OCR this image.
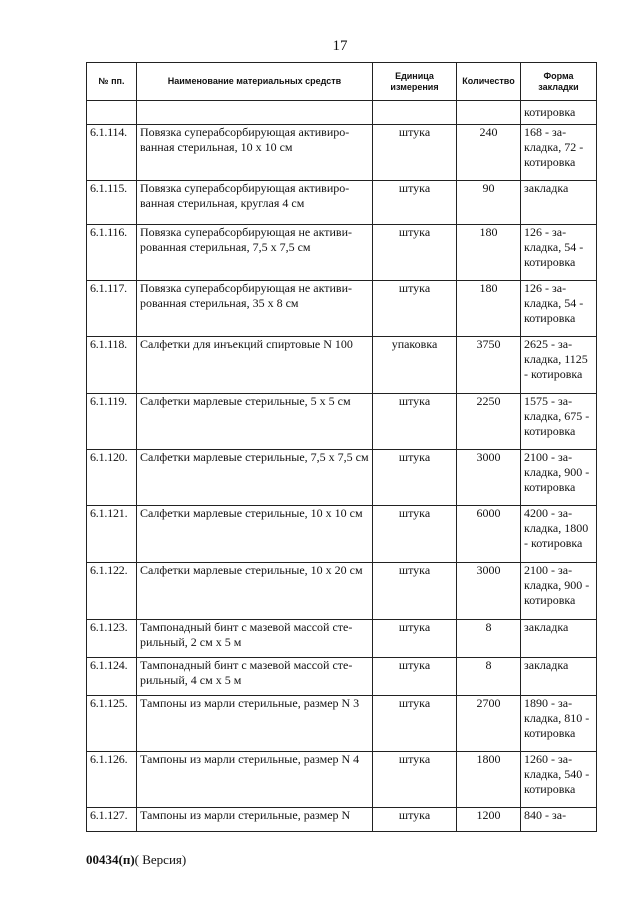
17
№ пп.	Наименование материальных средств	Единица измерения	Количество	Форма закладки
				котировка
6.1.114.	Повязка суперабсорбирующая активиро-ванная стерильная, 10 х 10 см	штука	240	168 - за-кладка, 72 - котировка
6.1.115.	Повязка суперабсорбирующая активиро-ванная стерильная, круглая 4 см	штука	90	закладка
6.1.116.	Повязка суперабсорбирующая не активи-рованная стерильная, 7,5 х 7,5 см	штука	180	126 - за-кладка, 54 - котировка
6.1.117.	Повязка суперабсорбирующая не активи-рованная стерильная, 35 х 8 см	штука	180	126 - за-кладка, 54 - котировка
6.1.118.	Салфетки для инъекций спиртовые N 100	упаковка	3750	2625 - за-кладка, 1125 - котировка
6.1.119.	Салфетки марлевые стерильные, 5 х 5 см	штука	2250	1575 - за-кладка, 675 - котировка
6.1.120.	Салфетки марлевые стерильные, 7,5 х 7,5 см	штука	3000	2100 - за-кладка, 900 - котировка
6.1.121.	Салфетки марлевые стерильные, 10 х 10 см	штука	6000	4200 - за-кладка, 1800 - котировка
6.1.122.	Салфетки марлевые стерильные, 10 х 20 см	штука	3000	2100 - за-кладка, 900 - котировка
6.1.123.	Тампонадный бинт с мазевой массой сте-рильный, 2 см х 5 м	штука	8	закладка
6.1.124.	Тампонадный бинт с мазевой массой сте-рильный, 4 см х 5 м	штука	8	закладка
6.1.125.	Тампоны из марли стерильные, размер N 3	штука	2700	1890 - за-кладка, 810 - котировка
6.1.126.	Тампоны из марли стерильные, размер N 4	штука	1800	1260 - за-кладка, 540 - котировка
6.1.127.	Тампоны из марли стерильные, размер N	штука	1200	840 - за-
00434(п)( Версия)
